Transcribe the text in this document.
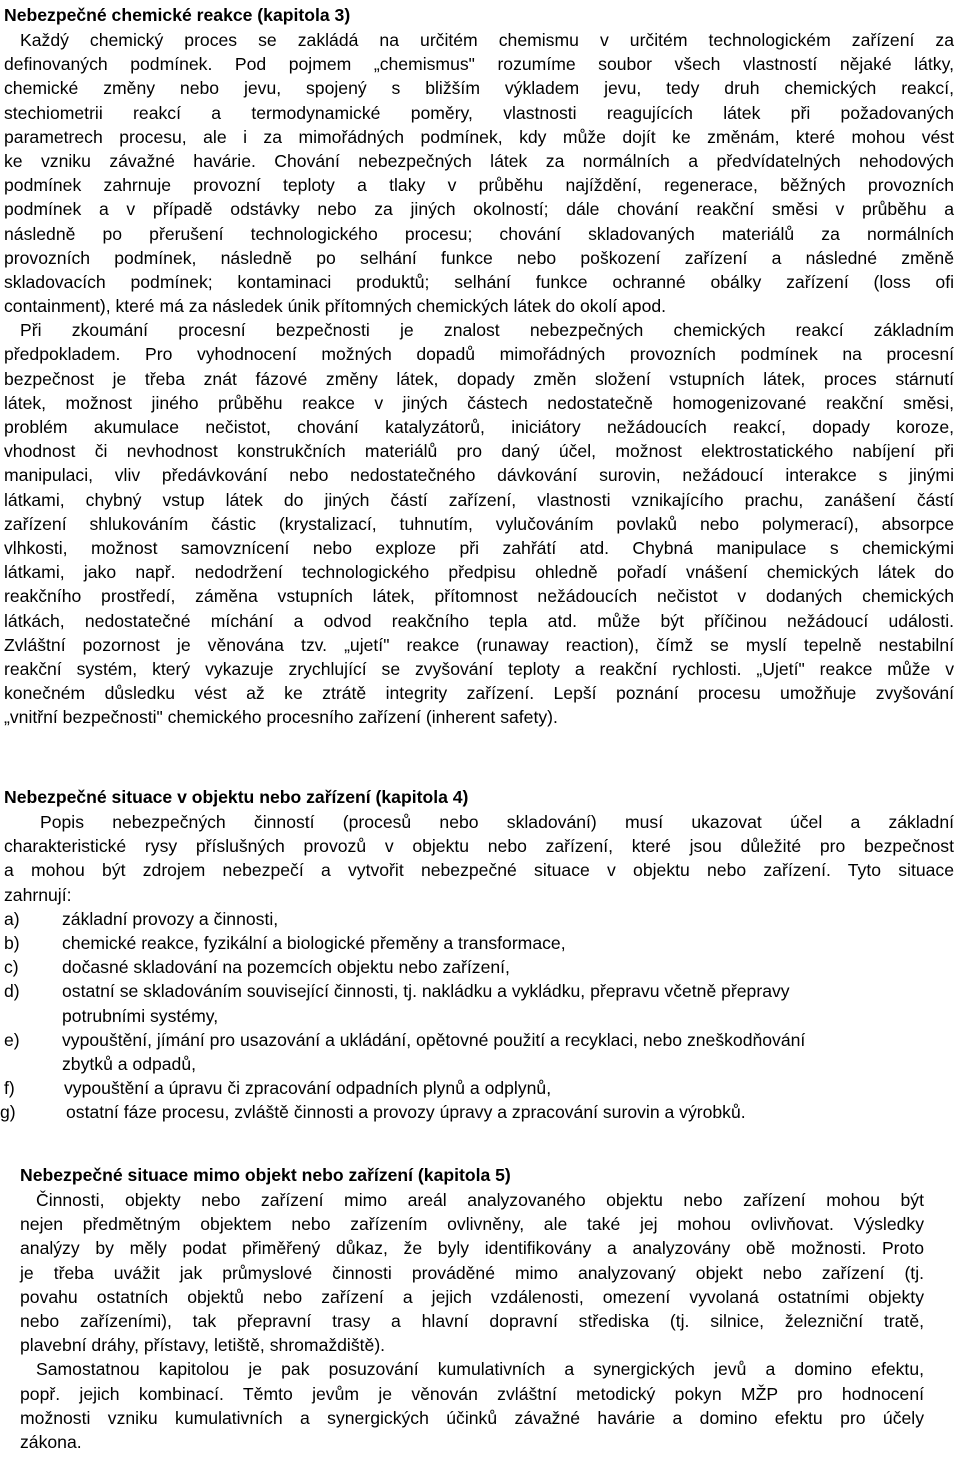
Nebezpečné chemické reakce (kapitola 3)
Každý chemický proces se zakládá na určitém chemismu v určitém technologickém zařízení za
definovaných podmínek. Pod pojmem „chemismus" rozumíme soubor všech vlastností nějaké látky,
chemické změny nebo jevu, spojený s bližším výkladem jevu, tedy druh chemických reakcí,
stechiometrii reakcí a termodynamické poměry, vlastnosti reagujících látek při požadovaných
parametrech procesu, ale i za mimořádných podmínek, kdy může dojít ke změnám, které mohou vést
ke vzniku závažné havárie. Chování nebezpečných látek za normálních a předvídatelných nehodových
podmínek zahrnuje provozní teploty a tlaky v průběhu najíždění, regenerace, běžných provozních
podmínek a v případě odstávky nebo za jiných okolností; dále chování reakční směsi v průběhu a
následně po přerušení technologického procesu; chování skladovaných materiálů za normálních
provozních podmínek, následně po selhání funkce nebo poškození zařízení a následné změně
skladovacích podmínek; kontaminaci produktů; selhání funkce ochranné obálky zařízení (loss ofi
containment), které má za následek únik přítomných chemických látek do okolí apod.
Při zkoumání procesní bezpečnosti je znalost nebezpečných chemických reakcí základním
předpokladem. Pro vyhodnocení možných dopadů mimořádných provozních podmínek na procesní
bezpečnost je třeba znát fázové změny látek, dopady změn složení vstupních látek, proces stárnutí
látek, možnost jiného průběhu reakce v jiných částech nedostatečně homogenizované reakční směsi,
problém akumulace nečistot, chování katalyzátorů, iniciátory nežádoucích reakcí, dopady koroze,
vhodnost či nevhodnost konstrukčních materiálů pro daný účel, možnost elektrostatického nabíjení při
manipulaci, vliv předávkování nebo nedostatečného dávkování surovin, nežádoucí interakce s jinými
látkami, chybný vstup látek do jiných částí zařízení, vlastnosti vznikajícího prachu, zanášení částí
zařízení shlukováním částic (krystalizací, tuhnutím, vylučováním povlaků nebo polymerací), absorpce
vlhkosti, možnost samovznícení nebo exploze při zahřátí atd. Chybná manipulace s chemickými
látkami, jako např. nedodržení technologického předpisu ohledně pořadí vnášení chemických látek do
reakčního prostředí, záměna vstupních látek, přítomnost nežádoucích nečistot v dodaných chemických
látkách, nedostatečné míchání a odvod reakčního tepla atd. může být příčinou nežádoucí události.
Zvláštní pozornost je věnována tzv. „ujetí" reakce (runaway reaction), čímž se myslí tepelně nestabilní
reakční systém, který vykazuje zrychlující se zvyšování teploty a reakční rychlosti. „Ujetí" reakce může v
konečném důsledku vést až ke ztrátě integrity zařízení. Lepší poznání procesu umožňuje zvyšování
„vnitřní bezpečnosti" chemického procesního zařízení (inherent safety).
Nebezpečné situace v objektu nebo zařízení (kapitola 4)
Popis nebezpečných činností (procesů nebo skladování) musí ukazovat účel a základní
charakteristické rysy příslušných provozů v objektu nebo zařízení, které jsou důležité pro bezpečnost
a mohou být zdrojem nebezpečí a vytvořit nebezpečné situace v objektu nebo zařízení. Tyto situace
zahrnují:
a) základní provozy a činnosti,
b) chemické reakce, fyzikální a biologické přeměny a transformace,
c) dočasné skladování na pozemcích objektu nebo zařízení,
d) ostatní se skladováním související činnosti, tj. nakládku a vykládku, přepravu včetně přepravy
potrubními systémy,
e) vypouštění, jímání pro usazování a ukládání, opětovné použití a recyklaci, nebo zneškodňování
zbytků a odpadů,
f)	vypouštění a úpravu či zpracování odpadních plynů a odplynů,
g)	ostatní fáze procesu, zvláště činnosti a provozy úpravy a zpracování surovin a výrobků.
Nebezpečné situace mimo objekt nebo zařízení (kapitola 5)
Činnosti, objekty nebo zařízení mimo areál analyzovaného objektu nebo zařízení mohou být
nejen předmětným objektem nebo zařízením ovlivněny, ale také jej mohou ovlivňovat. Výsledky
analýzy by měly podat přiměřený důkaz, že byly identifikovány a analyzovány obě možnosti. Proto
je třeba uvážit jak průmyslové činnosti prováděné mimo analyzovaný objekt nebo zařízení (tj.
povahu ostatních objektů nebo zařízení a jejich vzdálenosti, omezení vyvolaná ostatními objekty
nebo zařízeními), tak přepravní trasy a hlavní dopravní střediska (tj. silnice, železniční tratě,
plavební dráhy, přístavy, letiště, shromaždiště).
Samostatnou kapitolou je pak posuzování kumulativních a synergických jevů a domino efektu,
popř. jejich kombinací. Těmto jevům je věnován zvláštní metodický pokyn MŽP pro hodnocení
možnosti vzniku kumulativních a synergických účinků závažné havárie a domino efektu pro účely
zákona.
